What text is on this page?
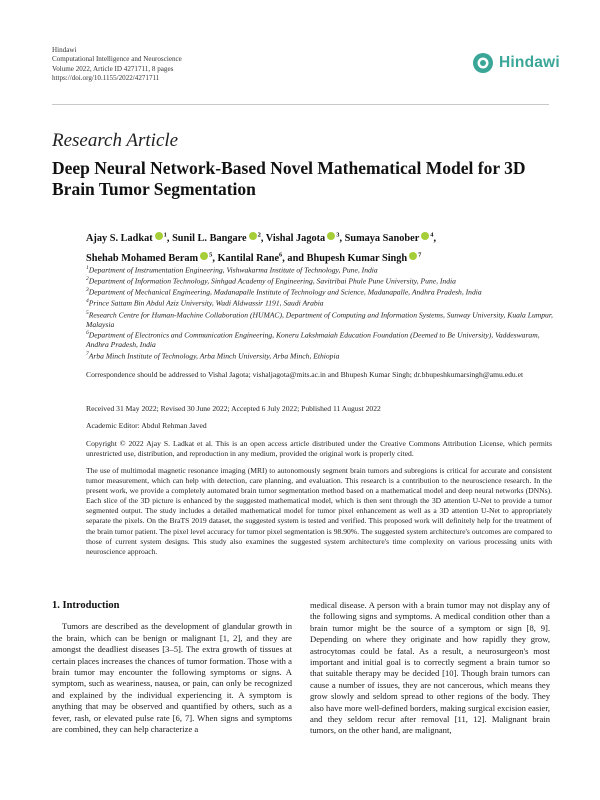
Hindawi
Computational Intelligence and Neuroscience
Volume 2022, Article ID 4271711, 8 pages
https://doi.org/10.1155/2022/4271711
Hindawi
Research Article
Deep Neural Network-Based Novel Mathematical Model for 3D Brain Tumor Segmentation
Ajay S. Ladkat $^1$, Sunil L. Bangare $^2$, Vishal Jagota $^3$, Sumaya Sanober $^4$,
Shehab Mohamed Beram $^5$, Kantilal Rane$^6$, and Bhupesh Kumar Singh $^7$

$^1$Department of Instrumentation Engineering, Vishwakarma Institute of Technology, Pune, India

$^2$Department of Information Technology, Sinhgad Academy of Engineering, Savitribai Phule Pune University, Pune, India

$^3$Department of Mechanical Engineering, Madanapalle Institute of Technology and Science, Madanapalle, Andhra Pradesh, India

$^4$Prince Sattam Bin Abdul Aziz University, Wadi Aldwassir 1191, Saudi Arabia

$^5$Research Centre for Human-Machine Collaboration (HUMAC), Department of Computing and Information Systems, Sunway University, Kuala Lumpur, Malaysia

$^6$Department of Electronics and Communication Engineering, Koneru Lakshmaiah Education Foundation (Deemed to Be University), Vaddeswaram, Andhra Pradesh, India

$^7$Arba Minch Institute of Technology, Arba Minch University, Arba Minch, Ethiopia

Correspondence should be addressed to Vishal Jagota; vishaljagota@mits.ac.in and Bhupesh Kumar Singh; dr.bhupeshkumarsingh@amu.edu.et
Received 31 May 2022; Revised 30 June 2022; Accepted 6 July 2022; Published 11 August 2022
Academic Editor: Abdul Rehman Javed
Copyright © 2022 Ajay S. Ladkat et al. This is an open access article distributed under the Creative Commons Attribution License, which permits unrestricted use, distribution, and reproduction in any medium, provided the original work is properly cited.
The use of multimodal magnetic resonance imaging (MRI) to autonomously segment brain tumors and subregions is critical for accurate and consistent tumor measurement, which can help with detection, care planning, and evaluation. This research is a contribution to the neuroscience research. In the present work, we provide a completely automated brain tumor segmentation method based on a mathematical model and deep neural networks (DNNs). Each slice of the 3D picture is enhanced by the suggested mathematical model, which is then sent through the 3D attention U-Net to provide a tumor segmented output. The study includes a detailed mathematical model for tumor pixel enhancement as well as a 3D attention U-Net to appropriately separate the pixels. On the BraTS 2019 dataset, the suggested system is tested and verified. This proposed work will definitely help for the treatment of the brain tumor patient. The pixel level accuracy for tumor pixel segmentation is 98.90%. The suggested system architecture's outcomes are compared to those of current system designs. This study also examines the suggested system architecture's time complexity on various processing units with neuroscience approach.
1. Introduction

Tumors are described as the development of glandular growth in the brain, which can be benign or malignant [1, 2], and they are amongst the deadliest diseases [3–5]. The extra growth of tissues at certain places increases the chances of tumor formation. Those with a brain tumor may encounter the following symptoms or signs. A symptom, such as weariness, nausea, or pain, can only be recognized and explained by the individual experiencing it. A symptom is anything that may be observed and quantified by others, such as a fever, rash, or elevated pulse rate [6, 7]. When signs and symptoms are combined, they can help characterize a

medical disease. A person with a brain tumor may not display any of the following signs and symptoms. A medical condition other than a brain tumor might be the source of a symptom or sign [8, 9]. Depending on where they originate and how rapidly they grow, astrocytomas could be fatal. As a result, a neurosurgeon's most important and initial goal is to correctly segment a brain tumor so that suitable therapy may be decided [10]. Though brain tumors can cause a number of issues, they are not cancerous, which means they grow slowly and seldom spread to other regions of the body. They also have more well-defined borders, making surgical excision easier, and they seldom recur after removal [11, 12]. Malignant brain tumors, on the other hand, are malignant,
